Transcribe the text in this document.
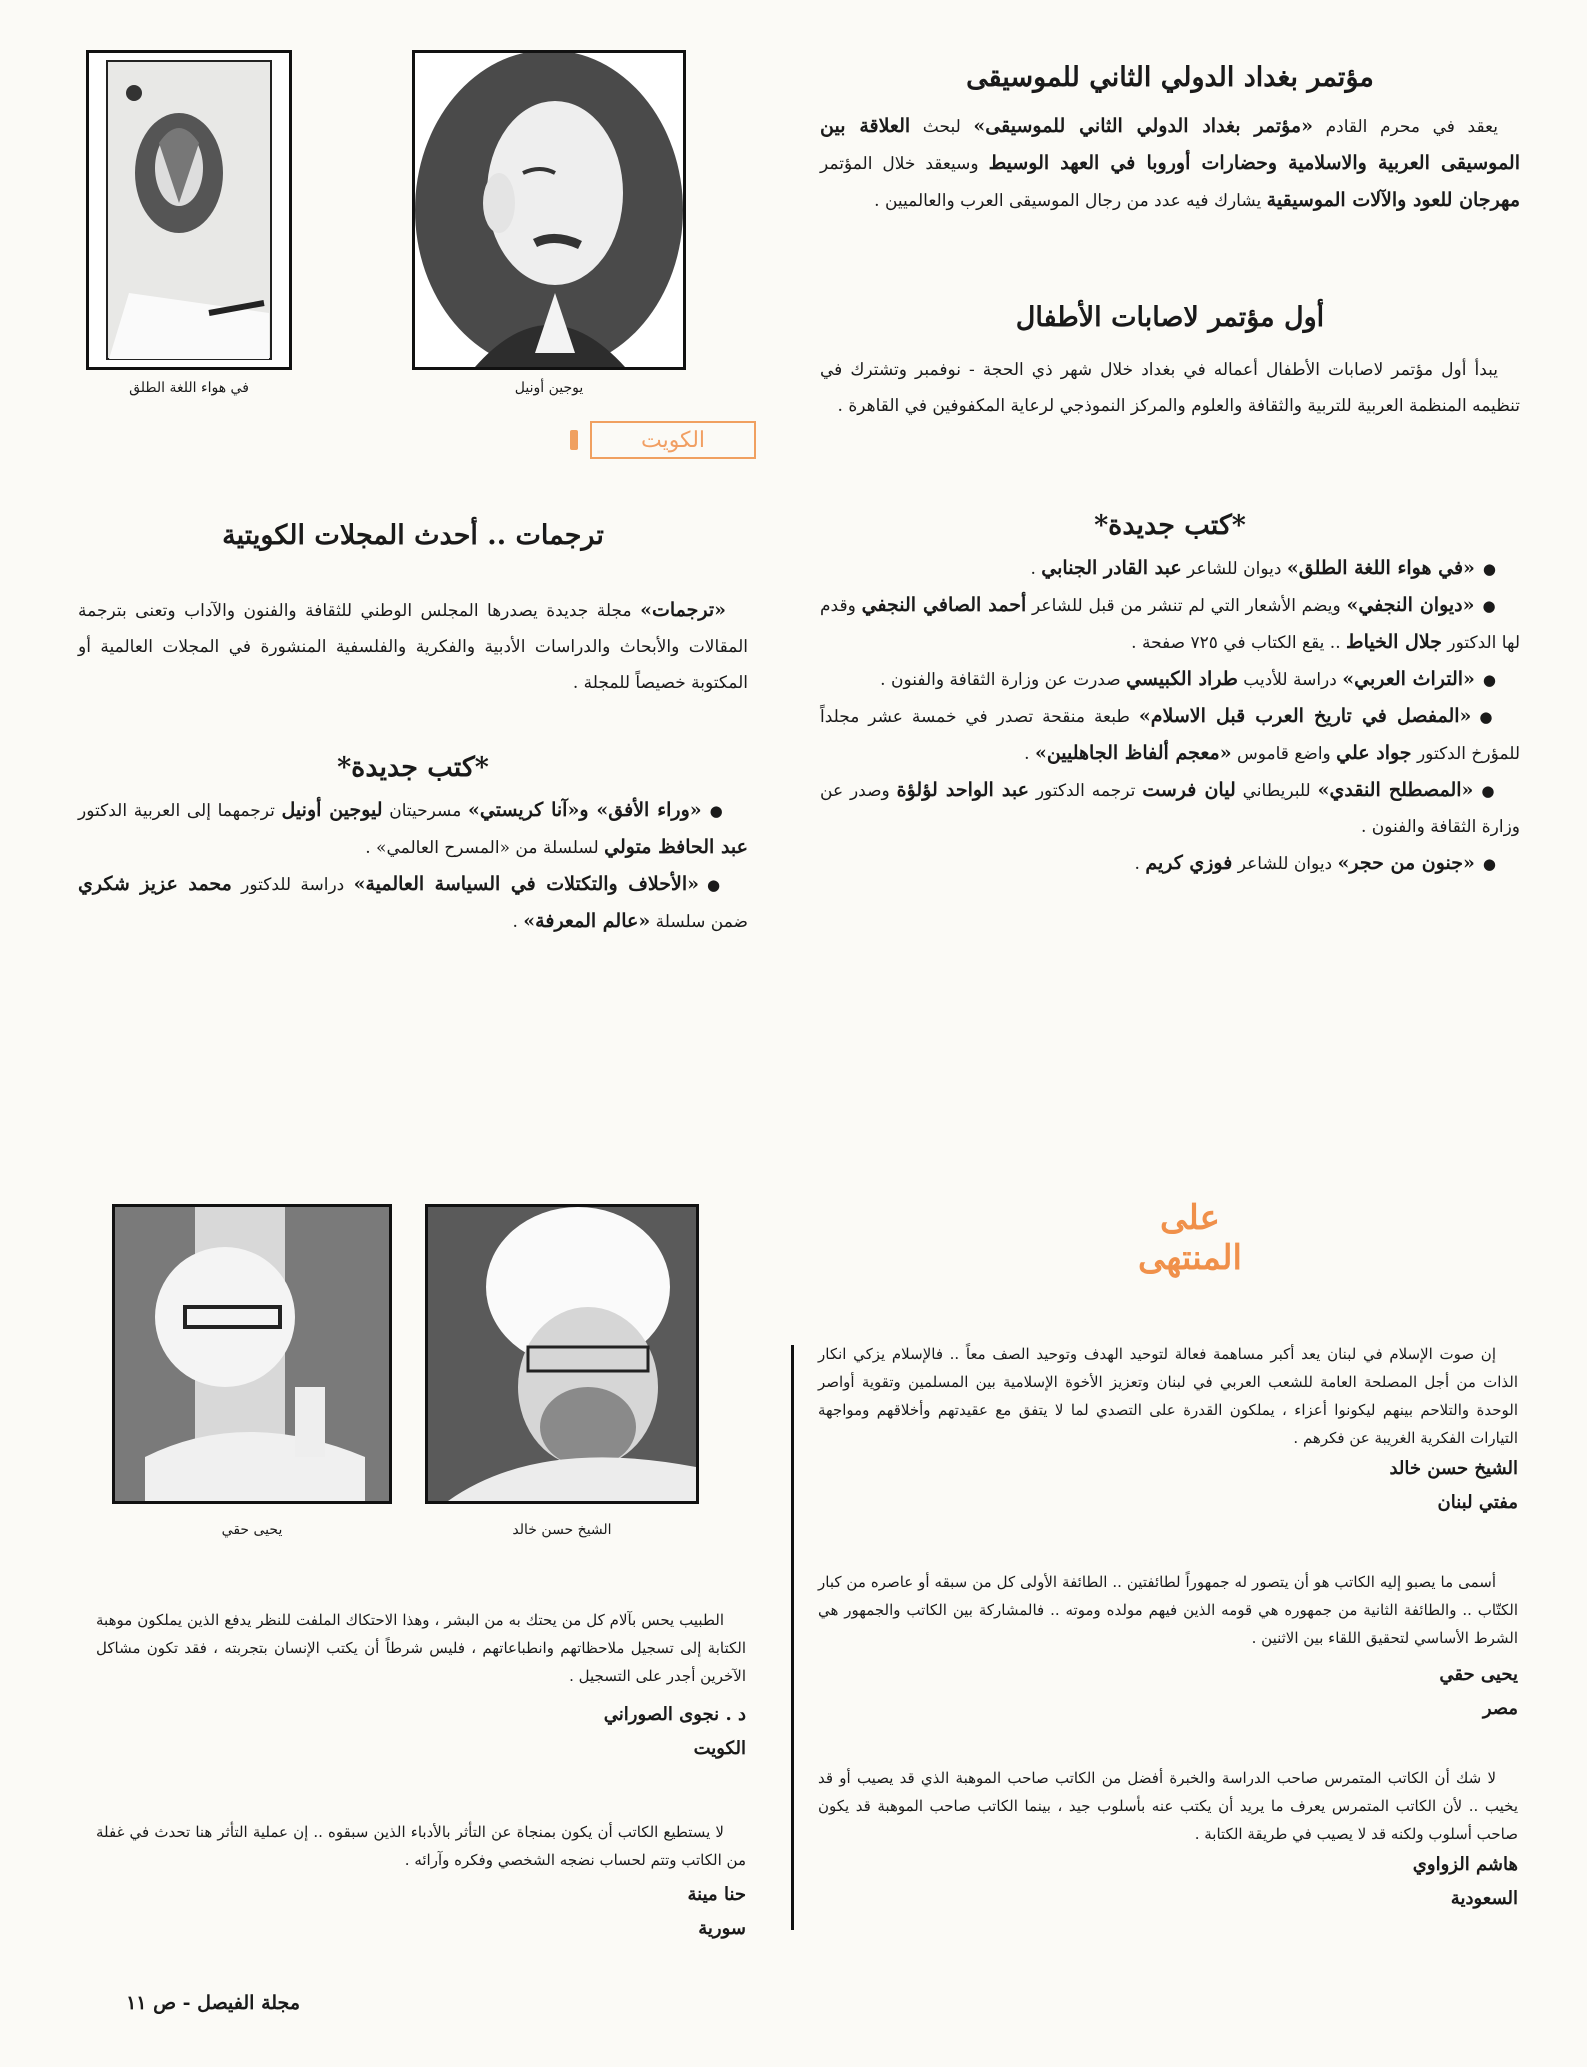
مؤتمر بغداد الدولي الثاني للموسيقى

يعقد في محرم القادم «مؤتمر بغداد الدولي الثاني للموسيقى» لبحث العلاقة بين الموسيقى العربية والاسلامية وحضارات أوروبا في العهد الوسيط وسيعقد خلال المؤتمر مهرجان للعود والآلات الموسيقية يشارك فيه عدد من رجال الموسيقى العرب والعالميين .

أول مؤتمر لاصابات الأطفال

يبدأ أول مؤتمر لاصابات الأطفال أعماله في بغداد خلال شهر ذي الحجة - نوفمبر وتشترك في تنظيمه المنظمة العربية للتربية والثقافة والعلوم والمركز النموذجي لرعاية المكفوفين في القاهرة .

*كتب جديدة*

● «في هواء اللغة الطلق» ديوان للشاعر عبد القادر الجنابي .

● «ديوان النجفي» ويضم الأشعار التي لم تنشر من قبل للشاعر أحمد الصافي النجفي وقدم لها الدكتور جلال الخياط .. يقع الكتاب في ٧٢٥ صفحة .

● «التراث العربي» دراسة للأديب طراد الكبيسي صدرت عن وزارة الثقافة والفنون .

● «المفصل في تاريخ العرب قبل الاسلام» طبعة منقحة تصدر في خمسة عشر مجلداً للمؤرخ الدكتور جواد علي واضع قاموس «معجم ألفاظ الجاهليين» .

● «المصطلح النقدي» للبريطاني ليان فرست ترجمه الدكتور عبد الواحد لؤلؤة وصدر عن وزارة الثقافة والفنون .

● «جنون من حجر» ديوان للشاعر فوزي كريم .

في هواء اللغة الطلق	يوجين أونيل
الكويت
ترجمات .. أحدث المجلات الكويتية

«ترجمات» مجلة جديدة يصدرها المجلس الوطني للثقافة والفنون والآداب وتعنى بترجمة المقالات والأبحاث والدراسات الأدبية والفكرية والفلسفية المنشورة في المجلات العالمية أو المكتوبة خصيصاً للمجلة .

*كتب جديدة*

● «وراء الأفق» و«آنا كريستي» مسرحيتان ليوجين أونيل ترجمهما إلى العربية الدكتور عبد الحافظ متولي لسلسلة من «المسرح العالمي» .

● «الأحلاف والتكتلات في السياسة العالمية» دراسة للدكتور محمد عزيز شكري ضمن سلسلة «عالم المعرفة» .

على المنتهى
يحيى حقي	الشيخ حسن خالد

إن صوت الإسلام في لبنان يعد أكبر مساهمة فعالة لتوحيد الهدف وتوحيد الصف معاً .. فالإسلام يزكي انكار الذات من أجل المصلحة العامة للشعب العربي في لبنان وتعزيز الأخوة الإسلامية بين المسلمين وتقوية أواصر الوحدة والتلاحم بينهم ليكونوا أعزاء ، يملكون القدرة على التصدي لما لا يتفق مع عقيدتهم وأخلاقهم ومواجهة التيارات الفكرية الغريبة عن فكرهم .

الشيخ حسن خالد
مفتي لبنان

أسمى ما يصبو إليه الكاتب هو أن يتصور له جمهوراً لطائفتين .. الطائفة الأولى كل من سبقه أو عاصره من كبار الكتّاب .. والطائفة الثانية من جمهوره هي قومه الذين فيهم مولده وموته .. فالمشاركة بين الكاتب والجمهور هي الشرط الأساسي لتحقيق اللقاء بين الاثنين .

يحيى حقي
مصر

لا شك أن الكاتب المتمرس صاحب الدراسة والخبرة أفضل من الكاتب صاحب الموهبة الذي قد يصيب أو قد يخيب .. لأن الكاتب المتمرس يعرف ما يريد أن يكتب عنه بأسلوب جيد ، بينما الكاتب صاحب الموهبة قد يكون صاحب أسلوب ولكنه قد لا يصيب في طريقة الكتابة .

هاشم الزواوي
السعودية

الطبيب يحس بآلام كل من يحتك به من البشر ، وهذا الاحتكاك الملفت للنظر يدفع الذين يملكون موهبة الكتابة إلى تسجيل ملاحظاتهم وانطباعاتهم ، فليس شرطاً أن يكتب الإنسان بتجربته ، فقد تكون مشاكل الآخرين أجدر على التسجيل .

د . نجوى الصوراني
الكويت

لا يستطيع الكاتب أن يكون بمنجاة عن التأثر بالأدباء الذين سبقوه .. إن عملية التأثر هنا تحدث في غفلة من الكاتب وتتم لحساب نضجه الشخصي وفكره وآرائه .

حنا مينة
سورية
مجلة الفيصل - ص ١١
